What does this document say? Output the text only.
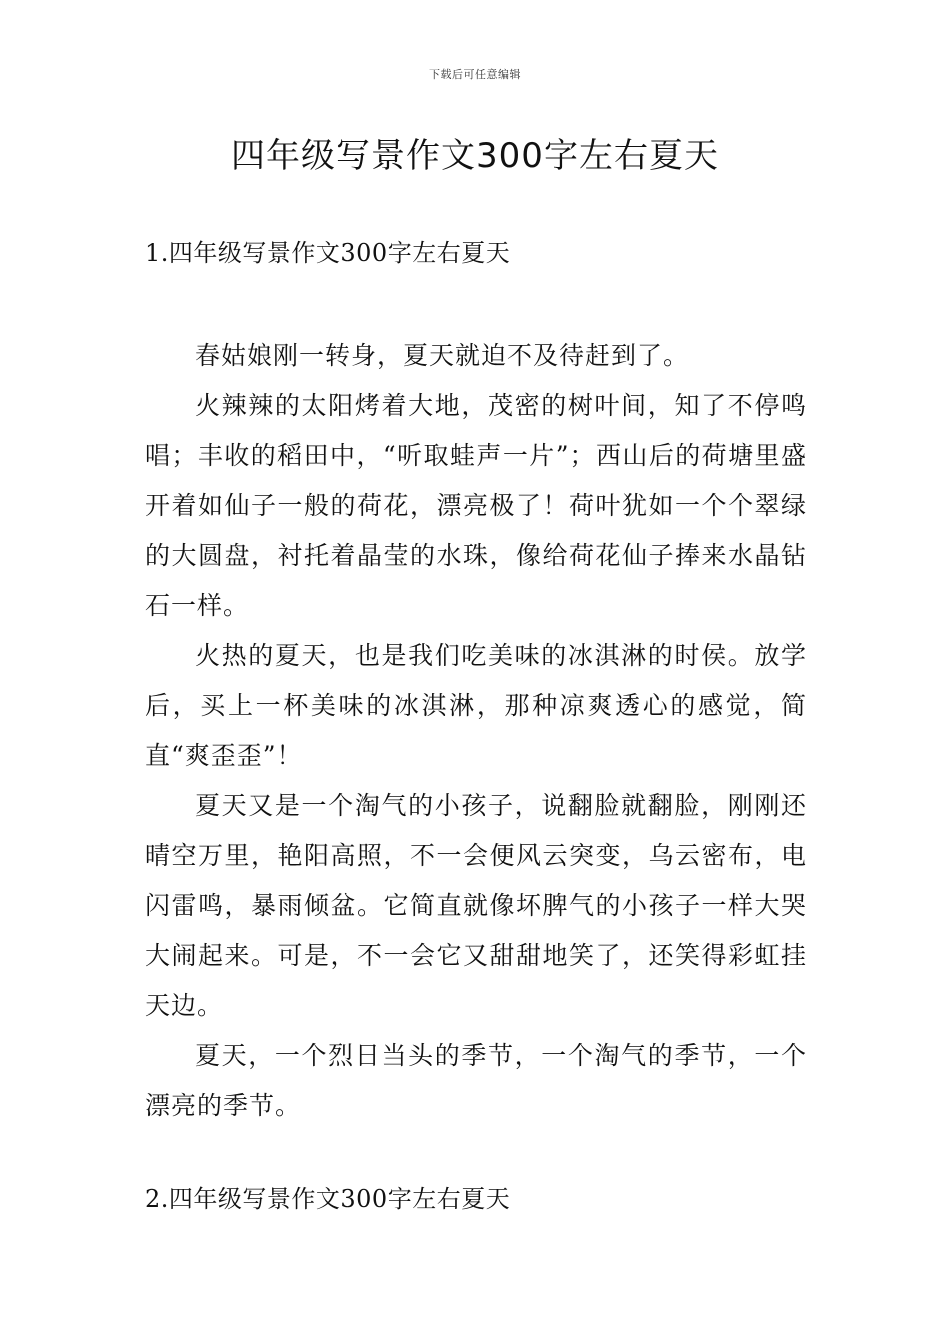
下载后可任意编辑
四年级写景作文300字左右夏天
1.四年级写景作文300字左右夏天

春姑娘刚一转身，夏天就迫不及待赶到了。

火辣辣的太阳烤着大地，茂密的树叶间，知了不停鸣唱；丰收的稻田中，“听取蛙声一片”；西山后的荷塘里盛开着如仙子一般的荷花，漂亮极了！荷叶犹如一个个翠绿的大圆盘，衬托着晶莹的水珠，像给荷花仙子捧来水晶钻石一样。

火热的夏天，也是我们吃美味的冰淇淋的时侯。放学后，买上一杯美味的冰淇淋，那种凉爽透心的感觉，简直“爽歪歪”！

夏天又是一个淘气的小孩子，说翻脸就翻脸，刚刚还晴空万里，艳阳高照，不一会便风云突变，乌云密布，电闪雷鸣，暴雨倾盆。它简直就像坏脾气的小孩子一样大哭大闹起来。可是，不一会它又甜甜地笑了，还笑得彩虹挂天边。

夏天，一个烈日当头的季节，一个淘气的季节，一个漂亮的季节。

2.四年级写景作文300字左右夏天
